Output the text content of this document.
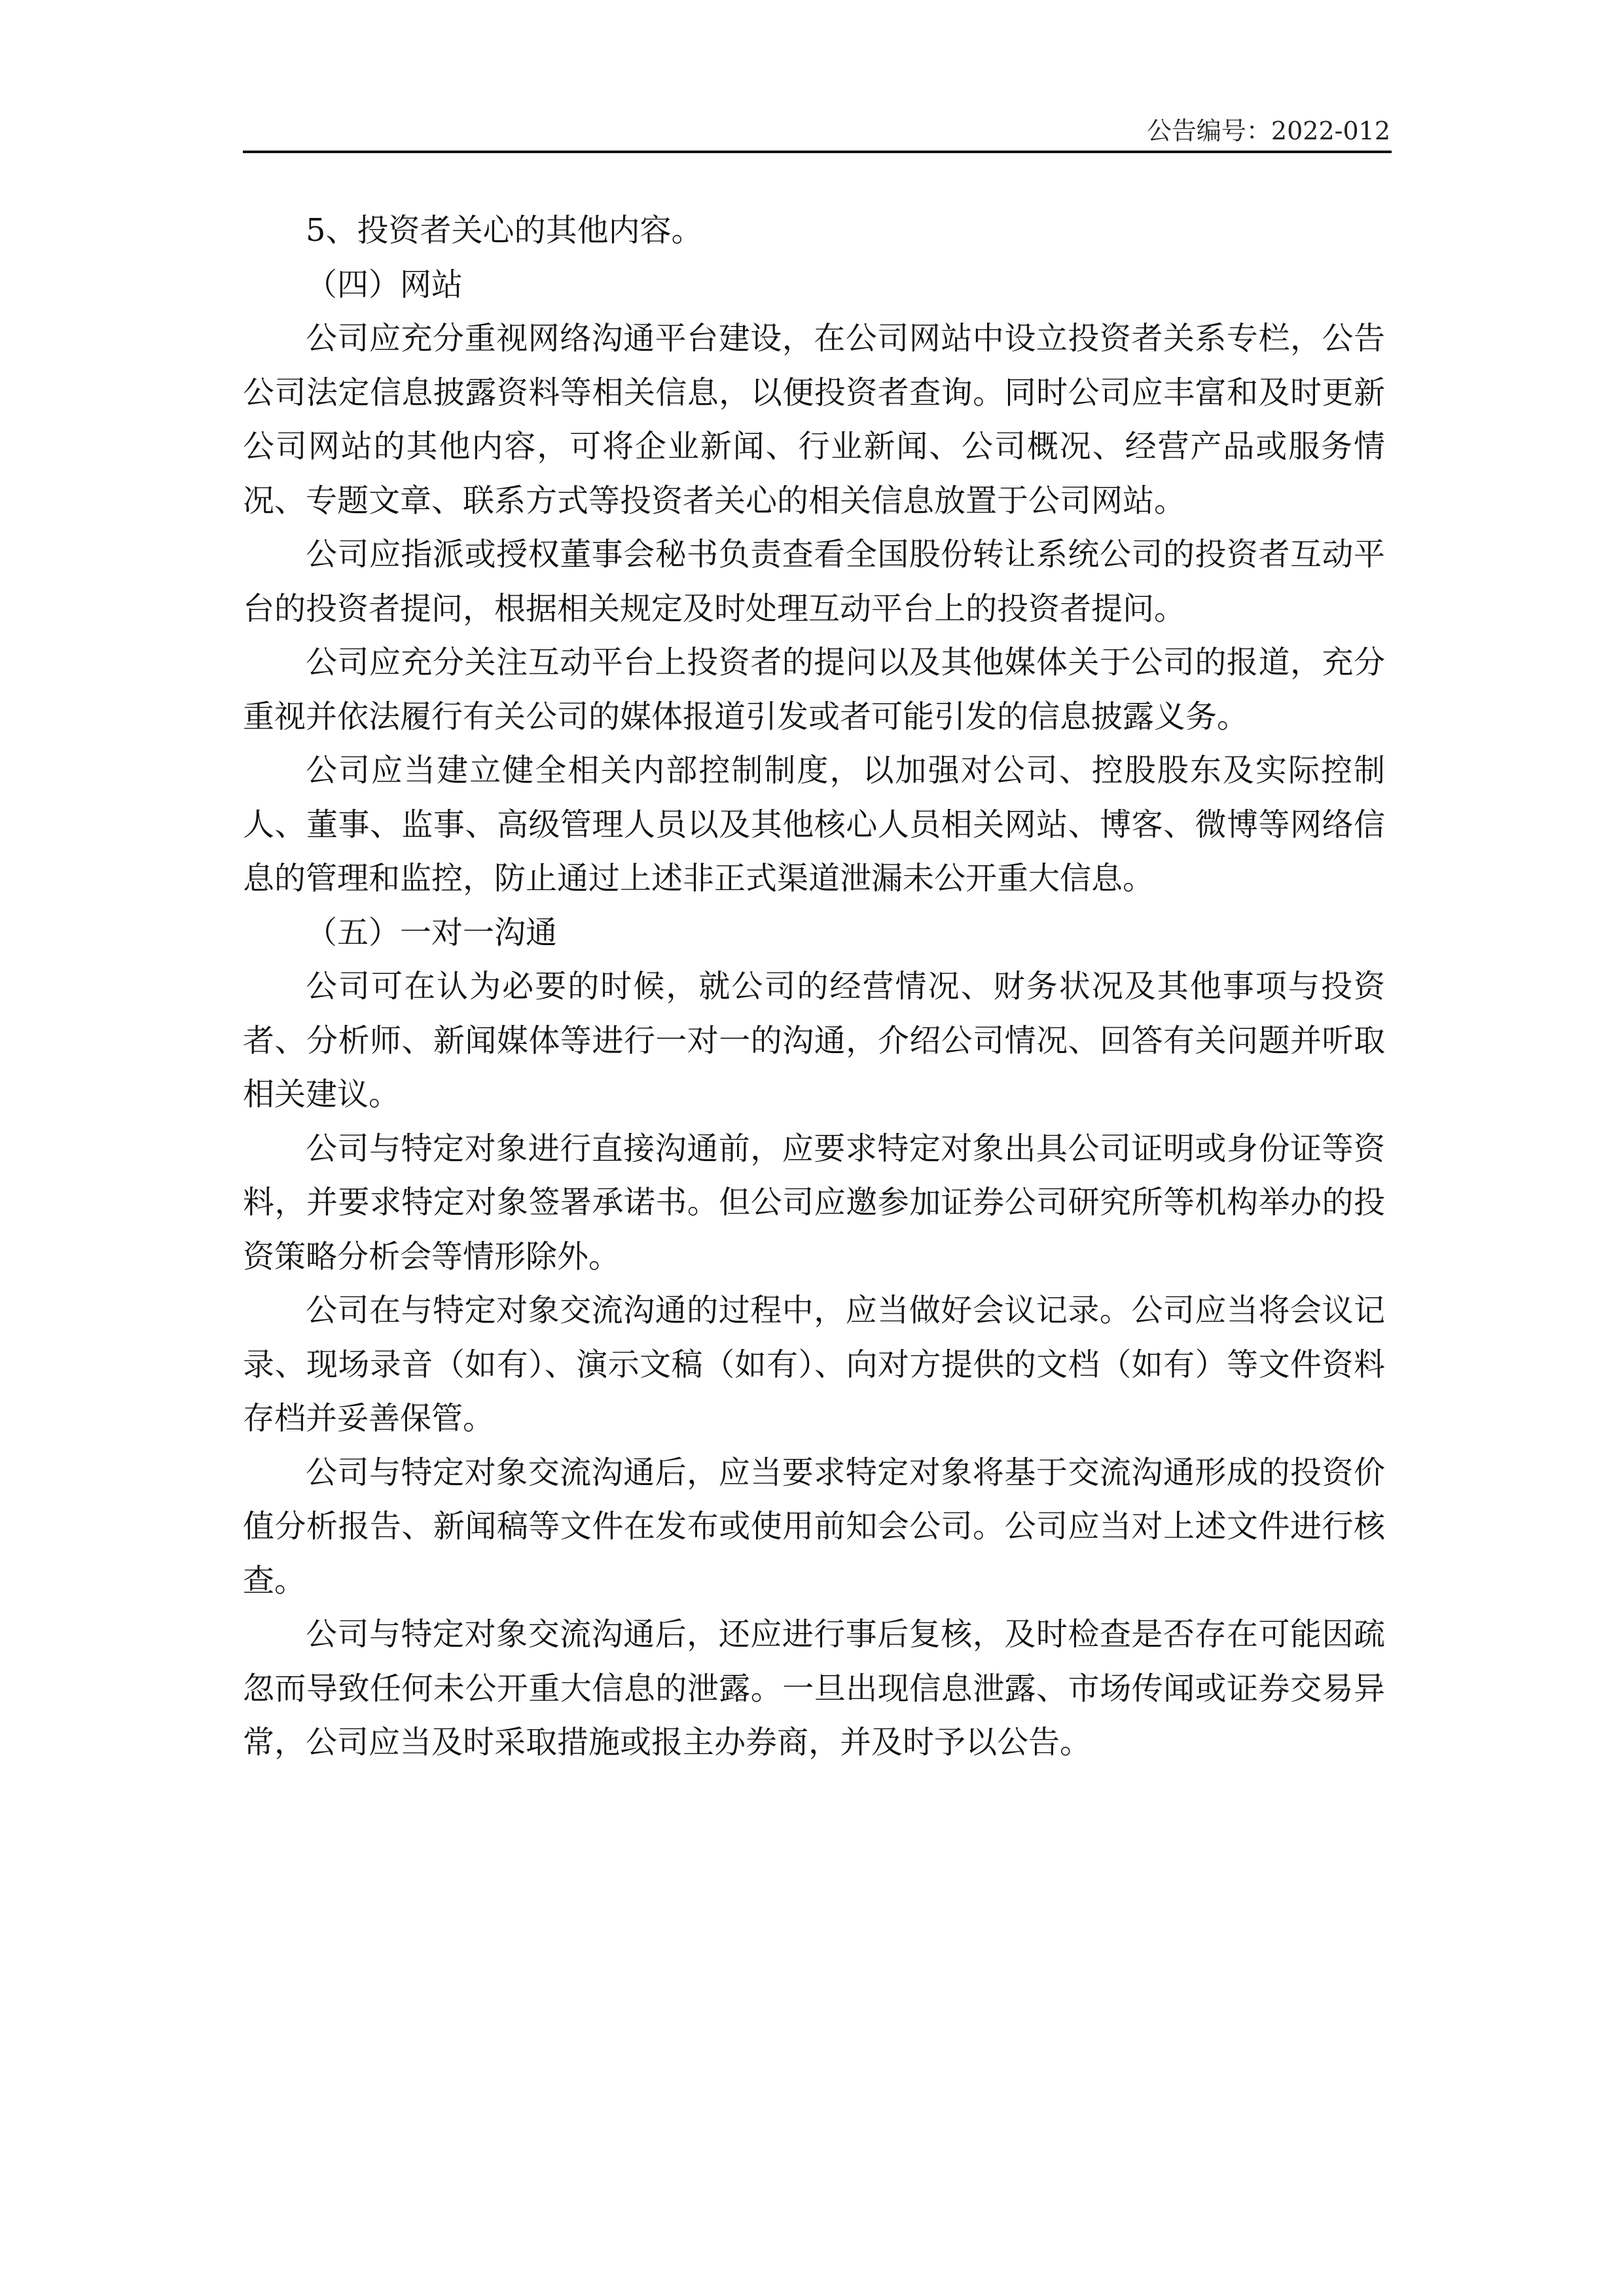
公告编号：2022-012

5、投资者关心的其他内容。

（四）网站

公司应充分重视网络沟通平台建设，在公司网站中设立投资者关系专栏，公告公司法定信息披露资料等相关信息，以便投资者查询。同时公司应丰富和及时更新公司网站的其他内容，可将企业新闻、行业新闻、公司概况、经营产品或服务情况、专题文章、联系方式等投资者关心的相关信息放置于公司网站。

公司应指派或授权董事会秘书负责查看全国股份转让系统公司的投资者互动平台的投资者提问，根据相关规定及时处理互动平台上的投资者提问。

公司应充分关注互动平台上投资者的提问以及其他媒体关于公司的报道，充分重视并依法履行有关公司的媒体报道引发或者可能引发的信息披露义务。

公司应当建立健全相关内部控制制度，以加强对公司、控股股东及实际控制人、董事、监事、高级管理人员以及其他核心人员相关网站、博客、微博等网络信息的管理和监控，防止通过上述非正式渠道泄漏未公开重大信息。

（五）一对一沟通

公司可在认为必要的时候，就公司的经营情况、财务状况及其他事项与投资者、分析师、新闻媒体等进行一对一的沟通，介绍公司情况、回答有关问题并听取相关建议。

公司与特定对象进行直接沟通前，应要求特定对象出具公司证明或身份证等资料，并要求特定对象签署承诺书。但公司应邀参加证券公司研究所等机构举办的投资策略分析会等情形除外。

公司在与特定对象交流沟通的过程中，应当做好会议记录。公司应当将会议记录、现场录音（如有）、演示文稿（如有）、向对方提供的文档（如有）等文件资料存档并妥善保管。

公司与特定对象交流沟通后，应当要求特定对象将基于交流沟通形成的投资价值分析报告、新闻稿等文件在发布或使用前知会公司。公司应当对上述文件进行核查。

公司与特定对象交流沟通后，还应进行事后复核，及时检查是否存在可能因疏忽而导致任何未公开重大信息的泄露。一旦出现信息泄露、市场传闻或证券交易异常，公司应当及时采取措施或报主办券商，并及时予以公告。
